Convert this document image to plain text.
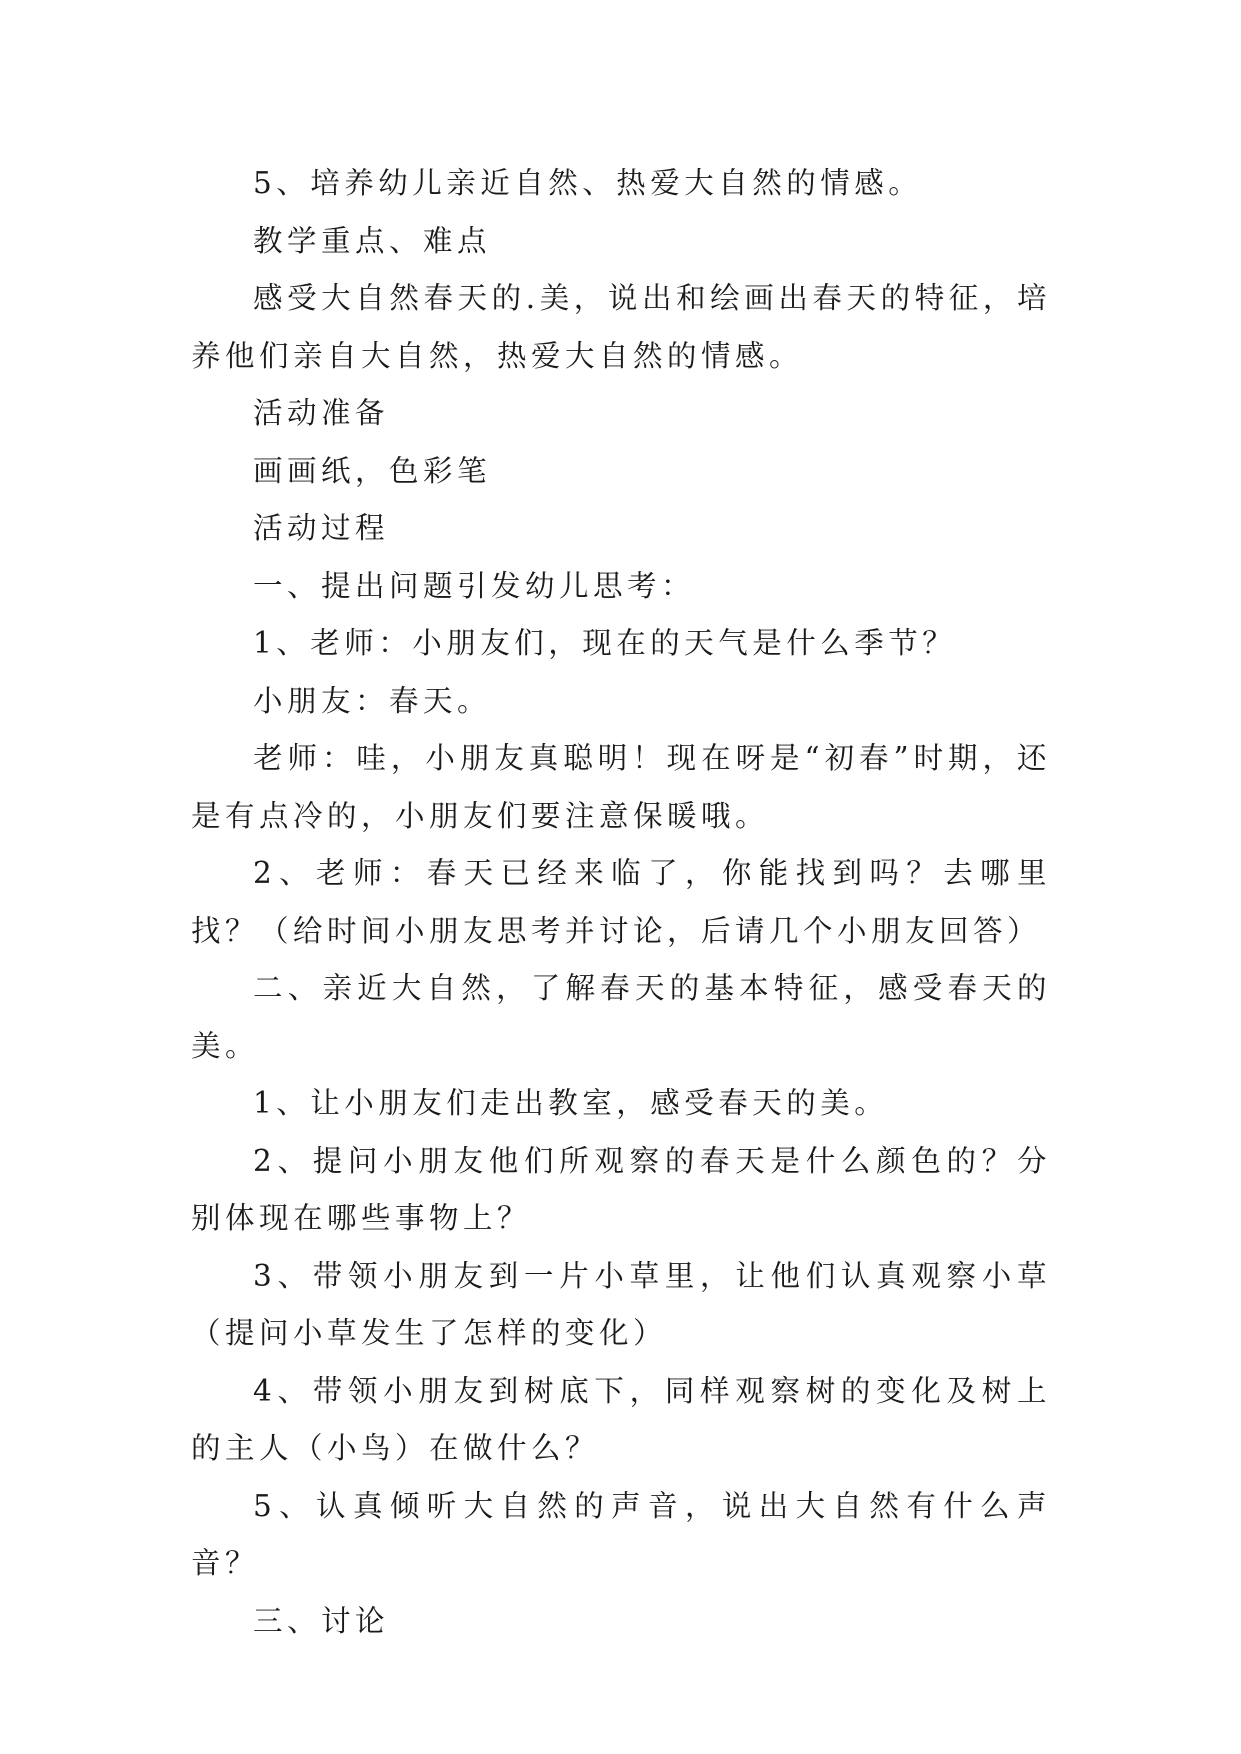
5、培养幼儿亲近自然、热爱大自然的情感。

教学重点、难点

感受大自然春天的.美，说出和绘画出春天的特征，培养他们亲自大自然，热爱大自然的情感。

活动准备

画画纸，色彩笔

活动过程

一、提出问题引发幼儿思考：

1、老师：小朋友们，现在的天气是什么季节？

小朋友：春天。

老师：哇，小朋友真聪明！现在呀是“初春”时期，还是有点冷的，小朋友们要注意保暖哦。

2、老师：春天已经来临了，你能找到吗？去哪里找？（给时间小朋友思考并讨论，后请几个小朋友回答）

二、亲近大自然，了解春天的基本特征，感受春天的美。

1、让小朋友们走出教室，感受春天的美。

2、提问小朋友他们所观察的春天是什么颜色的？分别体现在哪些事物上？

3、带领小朋友到一片小草里，让他们认真观察小草（提问小草发生了怎样的变化）

4、带领小朋友到树底下，同样观察树的变化及树上的主人（小鸟）在做什么？

5、认真倾听大自然的声音，说出大自然有什么声音？

三、讨论
